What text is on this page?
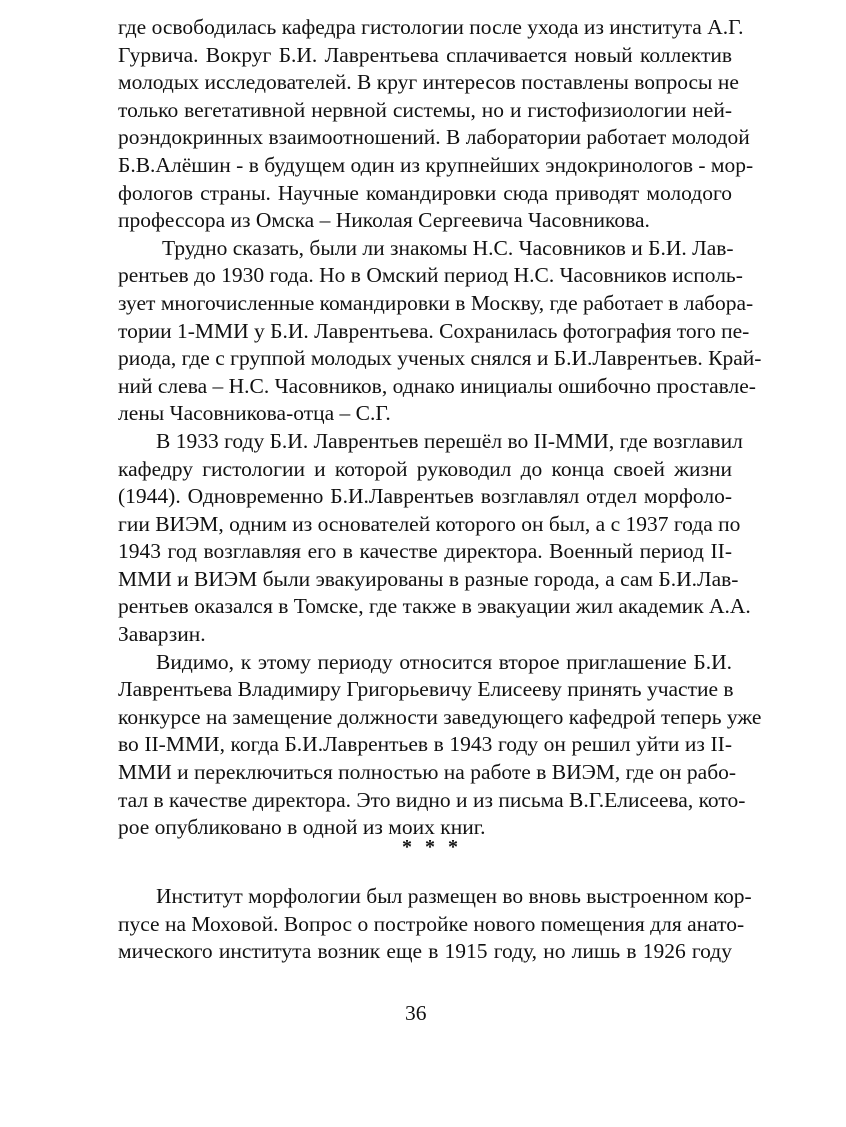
где освободилась кафедра гистологии после ухода из института А.Г.
Гурвича. Вокруг Б.И. Лаврентьева сплачивается новый коллектив
молодых исследователей. В круг интересов поставлены вопросы не
только вегетативной нервной системы, но и гистофизиологии ней-
роэндокринных взаимоотношений. В лаборатории работает молодой
Б.В.Алёшин - в будущем один из крупнейших эндокринологов - мор-
фологов страны. Научные командировки сюда приводят молодого
профессора из Омска – Николая Сергеевича Часовникова.

Трудно сказать, были ли знакомы Н.С. Часовников и Б.И. Лав-
рентьев до 1930 года. Но в Омский период Н.С. Часовников исполь-
зует многочисленные командировки в Москву, где работает в лабора-
тории 1-ММИ у Б.И. Лаврентьева. Сохранилась фотография того пе-
риода, где с группой молодых ученых снялся и Б.И.Лаврентьев. Край-
ний слева – Н.С. Часовников, однако инициалы ошибочно проставле-
лены Часовникова-отца – С.Г.

В 1933 году Б.И. Лаврентьев перешёл во II-ММИ, где возглавил
кафедру гистологии и которой руководил до конца своей жизни
(1944). Одновременно Б.И.Лаврентьев возглавлял отдел морфоло-
гии ВИЭМ, одним из основателей которого он был, а с 1937 года по
1943 год возглавляя его в качестве директора. Военный период II-
ММИ и ВИЭМ были эвакуированы в разные города, а сам Б.И.Лав-
рентьев оказался в Томске, где также в эвакуации жил академик А.А.
Заварзин.

Видимо, к этому периоду относится второе приглашение Б.И.
Лаврентьева Владимиру Григорьевичу Елисееву принять участие в
конкурсе на замещение должности заведующего кафедрой теперь уже
во II-ММИ, когда Б.И.Лаврентьев в 1943 году он решил уйти из II-
ММИ и переключиться полностью на работе в ВИЭМ, где он рабо-
тал в качестве директора. Это видно и из письма В.Г.Елисеева, кото-
рое опубликовано в одной из моих книг.

* * *

Институт морфологии был размещен во вновь выстроенном кор-
пусе на Моховой. Вопрос о постройке нового помещения для анато-
мического института возник еще в 1915 году, но лишь в 1926 году

36
